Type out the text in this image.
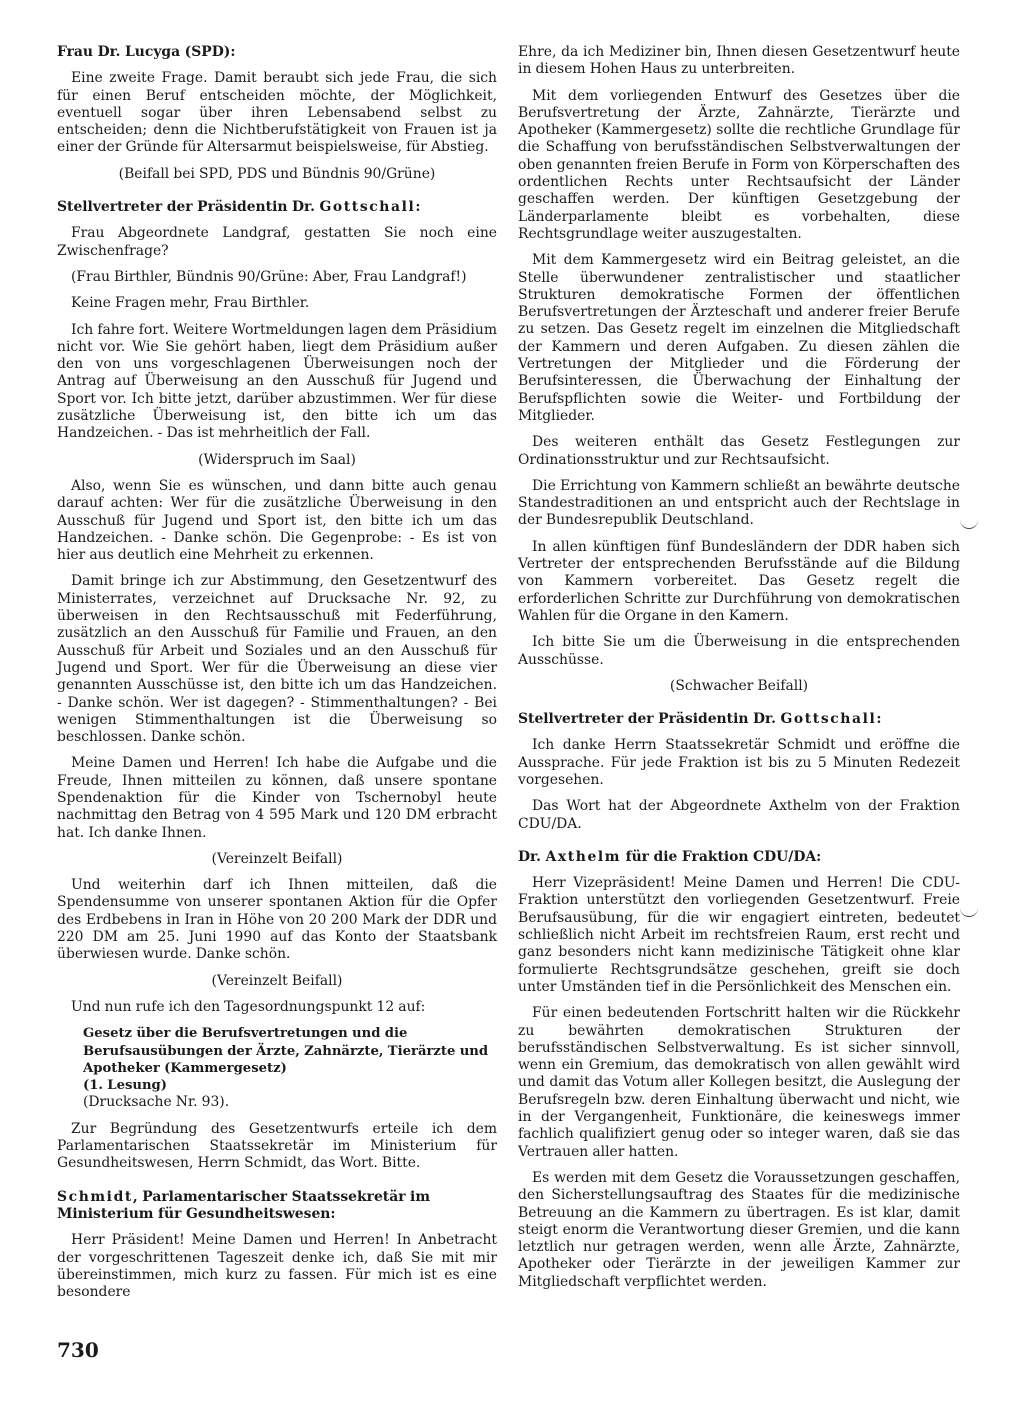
Frau Dr. Lucyga (SPD):

Eine zweite Frage. Damit beraubt sich jede Frau, die sich für einen Beruf entscheiden möchte, der Möglichkeit, eventuell sogar über ihren Lebensabend selbst zu entscheiden; denn die Nichtberufstätigkeit von Frauen ist ja einer der Gründe für Altersarmut beispielsweise, für Abstieg.

(Beifall bei SPD, PDS und Bündnis 90/Grüne)

Stellvertreter der Präsidentin Dr. Gottschall:

Frau Abgeordnete Landgraf, gestatten Sie noch eine Zwischenfrage?

(Frau Birthler, Bündnis 90/Grüne: Aber, Frau Landgraf!)

Keine Fragen mehr, Frau Birthler.

Ich fahre fort. Weitere Wortmeldungen lagen dem Präsidium nicht vor. Wie Sie gehört haben, liegt dem Präsidium außer den von uns vorgeschlagenen Überweisungen noch der Antrag auf Überweisung an den Ausschuß für Jugend und Sport vor. Ich bitte jetzt, darüber abzustimmen. Wer für diese zusätzliche Überweisung ist, den bitte ich um das Handzeichen. - Das ist mehrheitlich der Fall.

(Widerspruch im Saal)

Also, wenn Sie es wünschen, und dann bitte auch genau darauf achten: Wer für die zusätzliche Überweisung in den Ausschuß für Jugend und Sport ist, den bitte ich um das Handzeichen. - Danke schön. Die Gegenprobe: - Es ist von hier aus deutlich eine Mehrheit zu erkennen.

Damit bringe ich zur Abstimmung, den Gesetzentwurf des Ministerrates, verzeichnet auf Drucksache Nr. 92, zu überweisen in den Rechtsausschuß mit Federführung, zusätzlich an den Ausschuß für Familie und Frauen, an den Ausschuß für Arbeit und Soziales und an den Ausschuß für Jugend und Sport. Wer für die Überweisung an diese vier genannten Ausschüsse ist, den bitte ich um das Handzeichen. - Danke schön. Wer ist dagegen? - Stimmenthaltungen? - Bei wenigen Stimmenthaltungen ist die Überweisung so beschlossen. Danke schön.

Meine Damen und Herren! Ich habe die Aufgabe und die Freude, Ihnen mitteilen zu können, daß unsere spontane Spendenaktion für die Kinder von Tschernobyl heute nachmittag den Betrag von 4 595 Mark und 120 DM erbracht hat. Ich danke Ihnen.

(Vereinzelt Beifall)

Und weiterhin darf ich Ihnen mitteilen, daß die Spendensumme von unserer spontanen Aktion für die Opfer des Erdbebens in Iran in Höhe von 20 200 Mark der DDR und 220 DM am 25. Juni 1990 auf das Konto der Staatsbank überwiesen wurde. Danke schön.

(Vereinzelt Beifall)

Und nun rufe ich den Tagesordnungspunkt 12 auf:

Gesetz über die Berufsvertretungen und die Berufsausübungen der Ärzte, Zahnärzte, Tierärzte und Apotheker (Kammergesetz)

(1. Lesung)

(Drucksache Nr. 93).

Zur Begründung des Gesetzentwurfs erteile ich dem Parlamentarischen Staatssekretär im Ministerium für Gesundheitswesen, Herrn Schmidt, das Wort. Bitte.

Schmidt, Parlamentarischer Staatssekretär im Ministerium für Gesundheitswesen:

Herr Präsident! Meine Damen und Herren! In Anbetracht der vorgeschrittenen Tageszeit denke ich, daß Sie mit mir übereinstimmen, mich kurz zu fassen. Für mich ist es eine besondere

Ehre, da ich Mediziner bin, Ihnen diesen Gesetzentwurf heute in diesem Hohen Haus zu unterbreiten.

Mit dem vorliegenden Entwurf des Gesetzes über die Berufsvertretung der Ärzte, Zahnärzte, Tierärzte und Apotheker (Kammergesetz) sollte die rechtliche Grundlage für die Schaffung von berufsständischen Selbstverwaltungen der oben genannten freien Berufe in Form von Körperschaften des ordentlichen Rechts unter Rechtsaufsicht der Länder geschaffen werden. Der künftigen Gesetzgebung der Länderparlamente bleibt es vorbehalten, diese Rechtsgrundlage weiter auszugestalten.

Mit dem Kammergesetz wird ein Beitrag geleistet, an die Stelle überwundener zentralistischer und staatlicher Strukturen demokratische Formen der öffentlichen Berufsvertretungen der Ärzteschaft und anderer freier Berufe zu setzen. Das Gesetz regelt im einzelnen die Mitgliedschaft der Kammern und deren Aufgaben. Zu diesen zählen die Vertretungen der Mitglieder und die Förderung der Berufsinteressen, die Überwachung der Einhaltung der Berufspflichten sowie die Weiter- und Fortbildung der Mitglieder.

Des weiteren enthält das Gesetz Festlegungen zur Ordinationsstruktur und zur Rechtsaufsicht.

Die Errichtung von Kammern schließt an bewährte deutsche Standestraditionen an und entspricht auch der Rechtslage in der Bundesrepublik Deutschland.

In allen künftigen fünf Bundesländern der DDR haben sich Vertreter der entsprechenden Berufsstände auf die Bildung von Kammern vorbereitet. Das Gesetz regelt die erforderlichen Schritte zur Durchführung von demokratischen Wahlen für die Organe in den Kamern.

Ich bitte Sie um die Überweisung in die entsprechenden Ausschüsse.

(Schwacher Beifall)

Stellvertreter der Präsidentin Dr. Gottschall:

Ich danke Herrn Staatssekretär Schmidt und eröffne die Aussprache. Für jede Fraktion ist bis zu 5 Minuten Redezeit vorgesehen.

Das Wort hat der Abgeordnete Axthelm von der Fraktion CDU/DA.

Dr. Axthelm für die Fraktion CDU/DA:

Herr Vizepräsident! Meine Damen und Herren! Die CDU-Fraktion unterstützt den vorliegenden Gesetzentwurf. Freie Berufsausübung, für die wir engagiert eintreten, bedeutet schließlich nicht Arbeit im rechtsfreien Raum, erst recht und ganz besonders nicht kann medizinische Tätigkeit ohne klar formulierte Rechtsgrundsätze geschehen, greift sie doch unter Umständen tief in die Persönlichkeit des Menschen ein.

Für einen bedeutenden Fortschritt halten wir die Rückkehr zu bewährten demokratischen Strukturen der berufsständischen Selbstverwaltung. Es ist sicher sinnvoll, wenn ein Gremium, das demokratisch von allen gewählt wird und damit das Votum aller Kollegen besitzt, die Auslegung der Berufsregeln bzw. deren Einhaltung überwacht und nicht, wie in der Vergangenheit, Funktionäre, die keineswegs immer fachlich qualifiziert genug oder so integer waren, daß sie das Vertrauen aller hatten.

Es werden mit dem Gesetz die Voraussetzungen geschaffen, den Sicherstellungsauftrag des Staates für die medizinische Betreuung an die Kammern zu übertragen. Es ist klar, damit steigt enorm die Verantwortung dieser Gremien, und die kann letztlich nur getragen werden, wenn alle Ärzte, Zahnärzte, Apotheker oder Tierärzte in der jeweiligen Kammer zur Mitgliedschaft verpflichtet werden.

730
